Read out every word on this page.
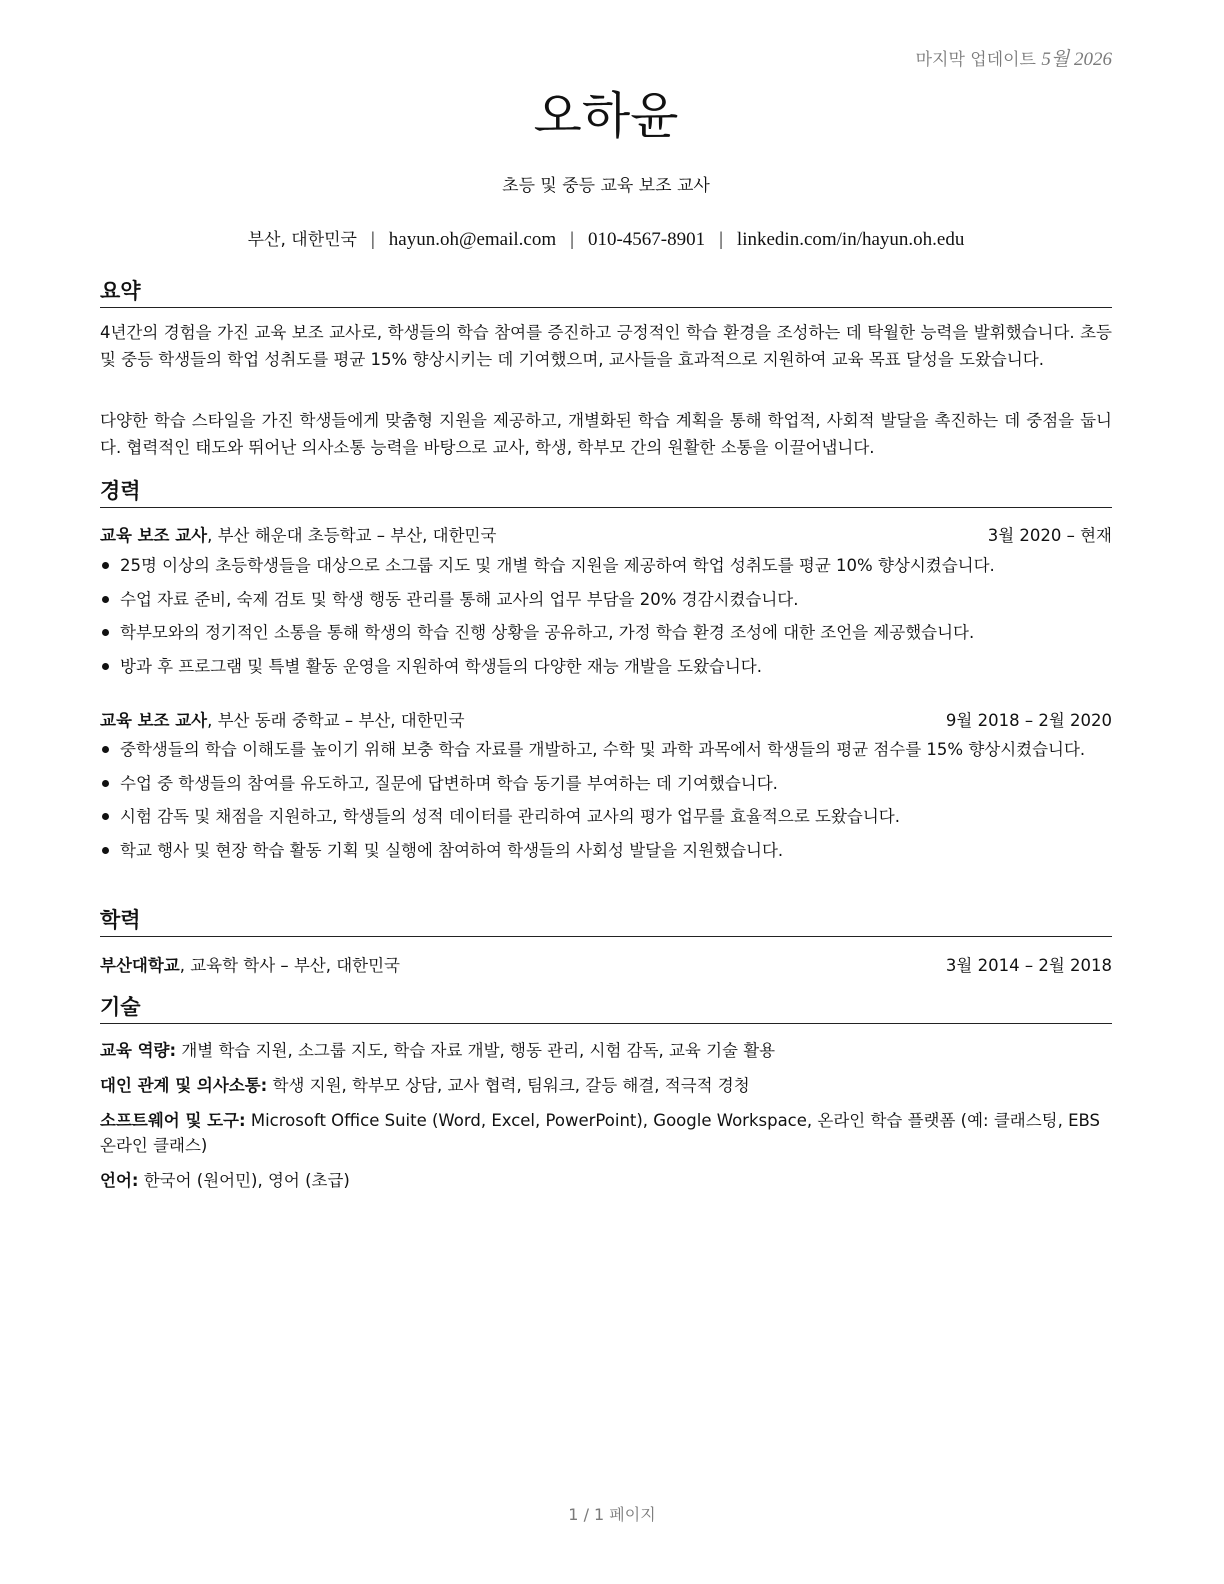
마지막 업데이트 5월 2026
오하윤
초등 및 중등 교육 보조 교사
부산, 대한민국 | hayun.oh@email.com | 010-4567-8901 | linkedin.com/in/hayun.oh.edu
요약
4년간의 경험을 가진 교육 보조 교사로, 학생들의 학습 참여를 증진하고 긍정적인 학습 환경을 조성하는 데 탁월한 능력을 발휘했습니다. 초등 및 중등 학생들의 학업 성취도를 평균 15% 향상시키는 데 기여했으며, 교사들을 효과적으로 지원하여 교육 목표 달성을 도왔습니다.
다양한 학습 스타일을 가진 학생들에게 맞춤형 지원을 제공하고, 개별화된 학습 계획을 통해 학업적, 사회적 발달을 촉진하는 데 중점을 둡니다. 협력적인 태도와 뛰어난 의사소통 능력을 바탕으로 교사, 학생, 학부모 간의 원활한 소통을 이끌어냅니다.
경력
교육 보조 교사, 부산 해운대 초등학교 – 부산, 대한민국	3월 2020 – 현재
25명 이상의 초등학생들을 대상으로 소그룹 지도 및 개별 학습 지원을 제공하여 학업 성취도를 평균 10% 향상시켰습니다.
수업 자료 준비, 숙제 검토 및 학생 행동 관리를 통해 교사의 업무 부담을 20% 경감시켰습니다.
학부모와의 정기적인 소통을 통해 학생의 학습 진행 상황을 공유하고, 가정 학습 환경 조성에 대한 조언을 제공했습니다.
방과 후 프로그램 및 특별 활동 운영을 지원하여 학생들의 다양한 재능 개발을 도왔습니다.
교육 보조 교사, 부산 동래 중학교 – 부산, 대한민국	9월 2018 – 2월 2020
중학생들의 학습 이해도를 높이기 위해 보충 학습 자료를 개발하고, 수학 및 과학 과목에서 학생들의 평균 점수를 15% 향상시켰습니다.
수업 중 학생들의 참여를 유도하고, 질문에 답변하며 학습 동기를 부여하는 데 기여했습니다.
시험 감독 및 채점을 지원하고, 학생들의 성적 데이터를 관리하여 교사의 평가 업무를 효율적으로 도왔습니다.
학교 행사 및 현장 학습 활동 기획 및 실행에 참여하여 학생들의 사회성 발달을 지원했습니다.
학력
부산대학교, 교육학 학사 – 부산, 대한민국	3월 2014 – 2월 2018
기술
교육 역량: 개별 학습 지원, 소그룹 지도, 학습 자료 개발, 행동 관리, 시험 감독, 교육 기술 활용
대인 관계 및 의사소통: 학생 지원, 학부모 상담, 교사 협력, 팀워크, 갈등 해결, 적극적 경청
소프트웨어 및 도구: Microsoft Office Suite (Word, Excel, PowerPoint), Google Workspace, 온라인 학습 플랫폼 (예: 클래스팅, EBS 온라인 클래스)
언어: 한국어 (원어민), 영어 (초급)
1 / 1 페이지
